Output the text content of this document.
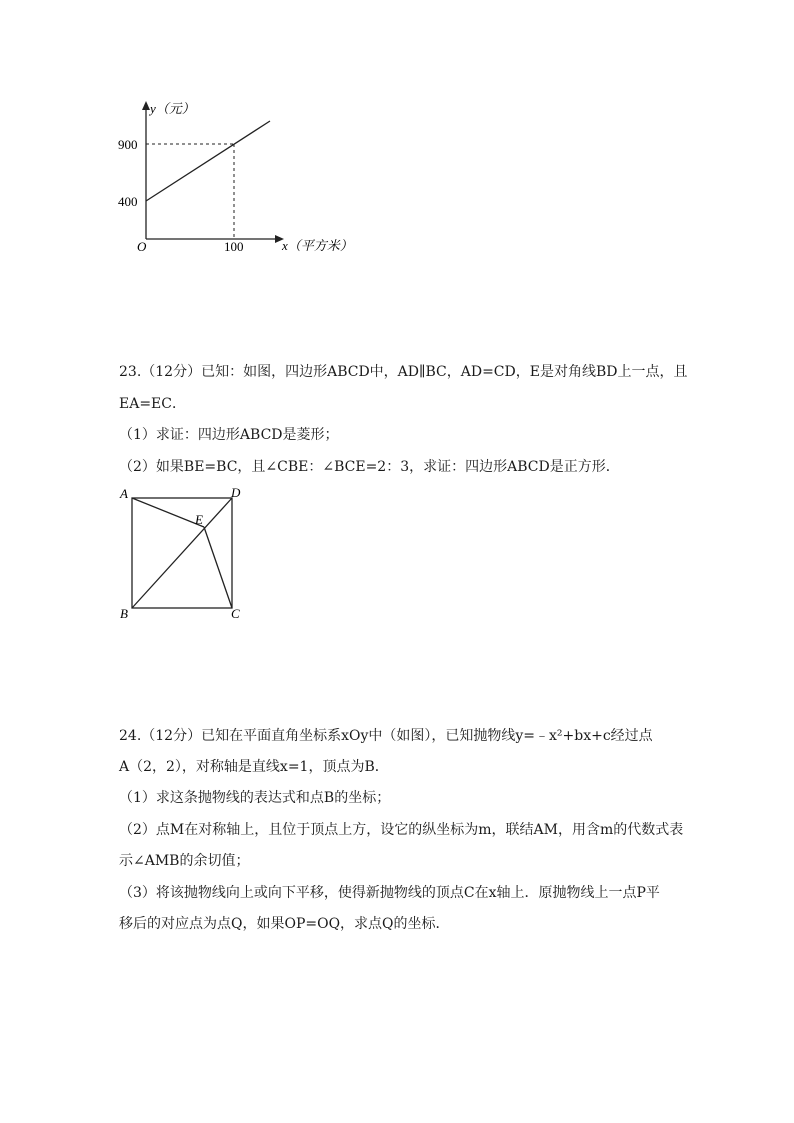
y（元）
x（平方米）
O
900
400
100
23.（12分）已知：如图，四边形ABCD中，AD∥BC，AD=CD，E是对角线BD上一点，且
EA=EC．
（1）求证：四边形ABCD是菱形；
（2）如果BE=BC，且∠CBE：∠BCE=2：3，求证：四边形ABCD是正方形．
A	D
E
B	C
24.（12分）已知在平面直角坐标系xOy中（如图），已知抛物线y=﹣x²+bx+c经过点
A（2，2），对称轴是直线x=1，顶点为B．
（1）求这条抛物线的表达式和点B的坐标；
（2）点M在对称轴上，且位于顶点上方，设它的纵坐标为m，联结AM，用含m的代数式表
示∠AMB的余切值；
（3）将该抛物线向上或向下平移，使得新抛物线的顶点C在x轴上．原抛物线上一点P平
移后的对应点为点Q，如果OP=OQ，求点Q的坐标．
